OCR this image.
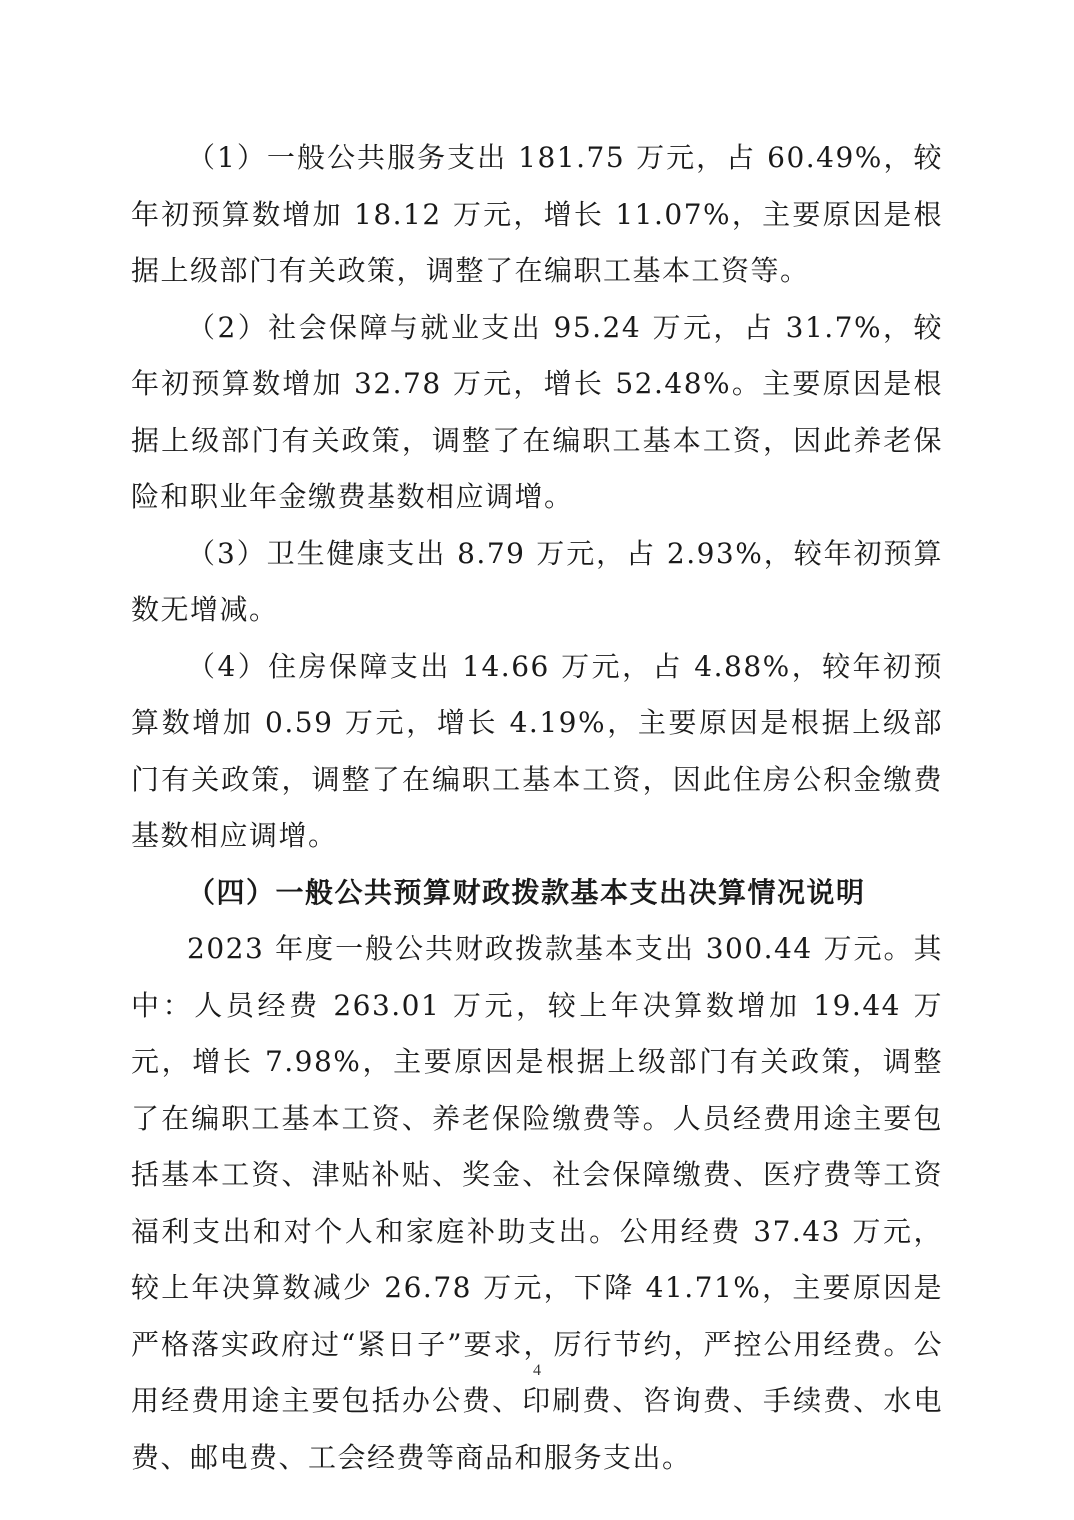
（1）一般公共服务支出 181.75 万元，占 60.49%，较年初预算数增加 18.12 万元，增长 11.07%，主要原因是根据上级部门有关政策，调整了在编职工基本工资等。

（2）社会保障与就业支出 95.24 万元，占 31.7%，较年初预算数增加 32.78 万元，增长 52.48%。主要原因是根据上级部门有关政策，调整了在编职工基本工资，因此养老保险和职业年金缴费基数相应调增。

（3）卫生健康支出 8.79 万元，占 2.93%，较年初预算数无增减。

（4）住房保障支出 14.66 万元，占 4.88%，较年初预算数增加 0.59 万元，增长 4.19%，主要原因是根据上级部门有关政策，调整了在编职工基本工资，因此住房公积金缴费基数相应调增。

（四）一般公共预算财政拨款基本支出决算情况说明

2023 年度一般公共财政拨款基本支出 300.44 万元。其中：人员经费 263.01 万元，较上年决算数增加 19.44 万元，增长 7.98%，主要原因是根据上级部门有关政策，调整了在编职工基本工资、养老保险缴费等。人员经费用途主要包括基本工资、津贴补贴、奖金、社会保障缴费、医疗费等工资福利支出和对个人和家庭补助支出。公用经费 37.43 万元，较上年决算数减少 26.78 万元，下降 41.71%，主要原因是严格落实政府过“紧日子”要求，厉行节约，严控公用经费。公用经费用途主要包括办公费、印刷费、咨询费、手续费、水电费、邮电费、工会经费等商品和服务支出。

4
